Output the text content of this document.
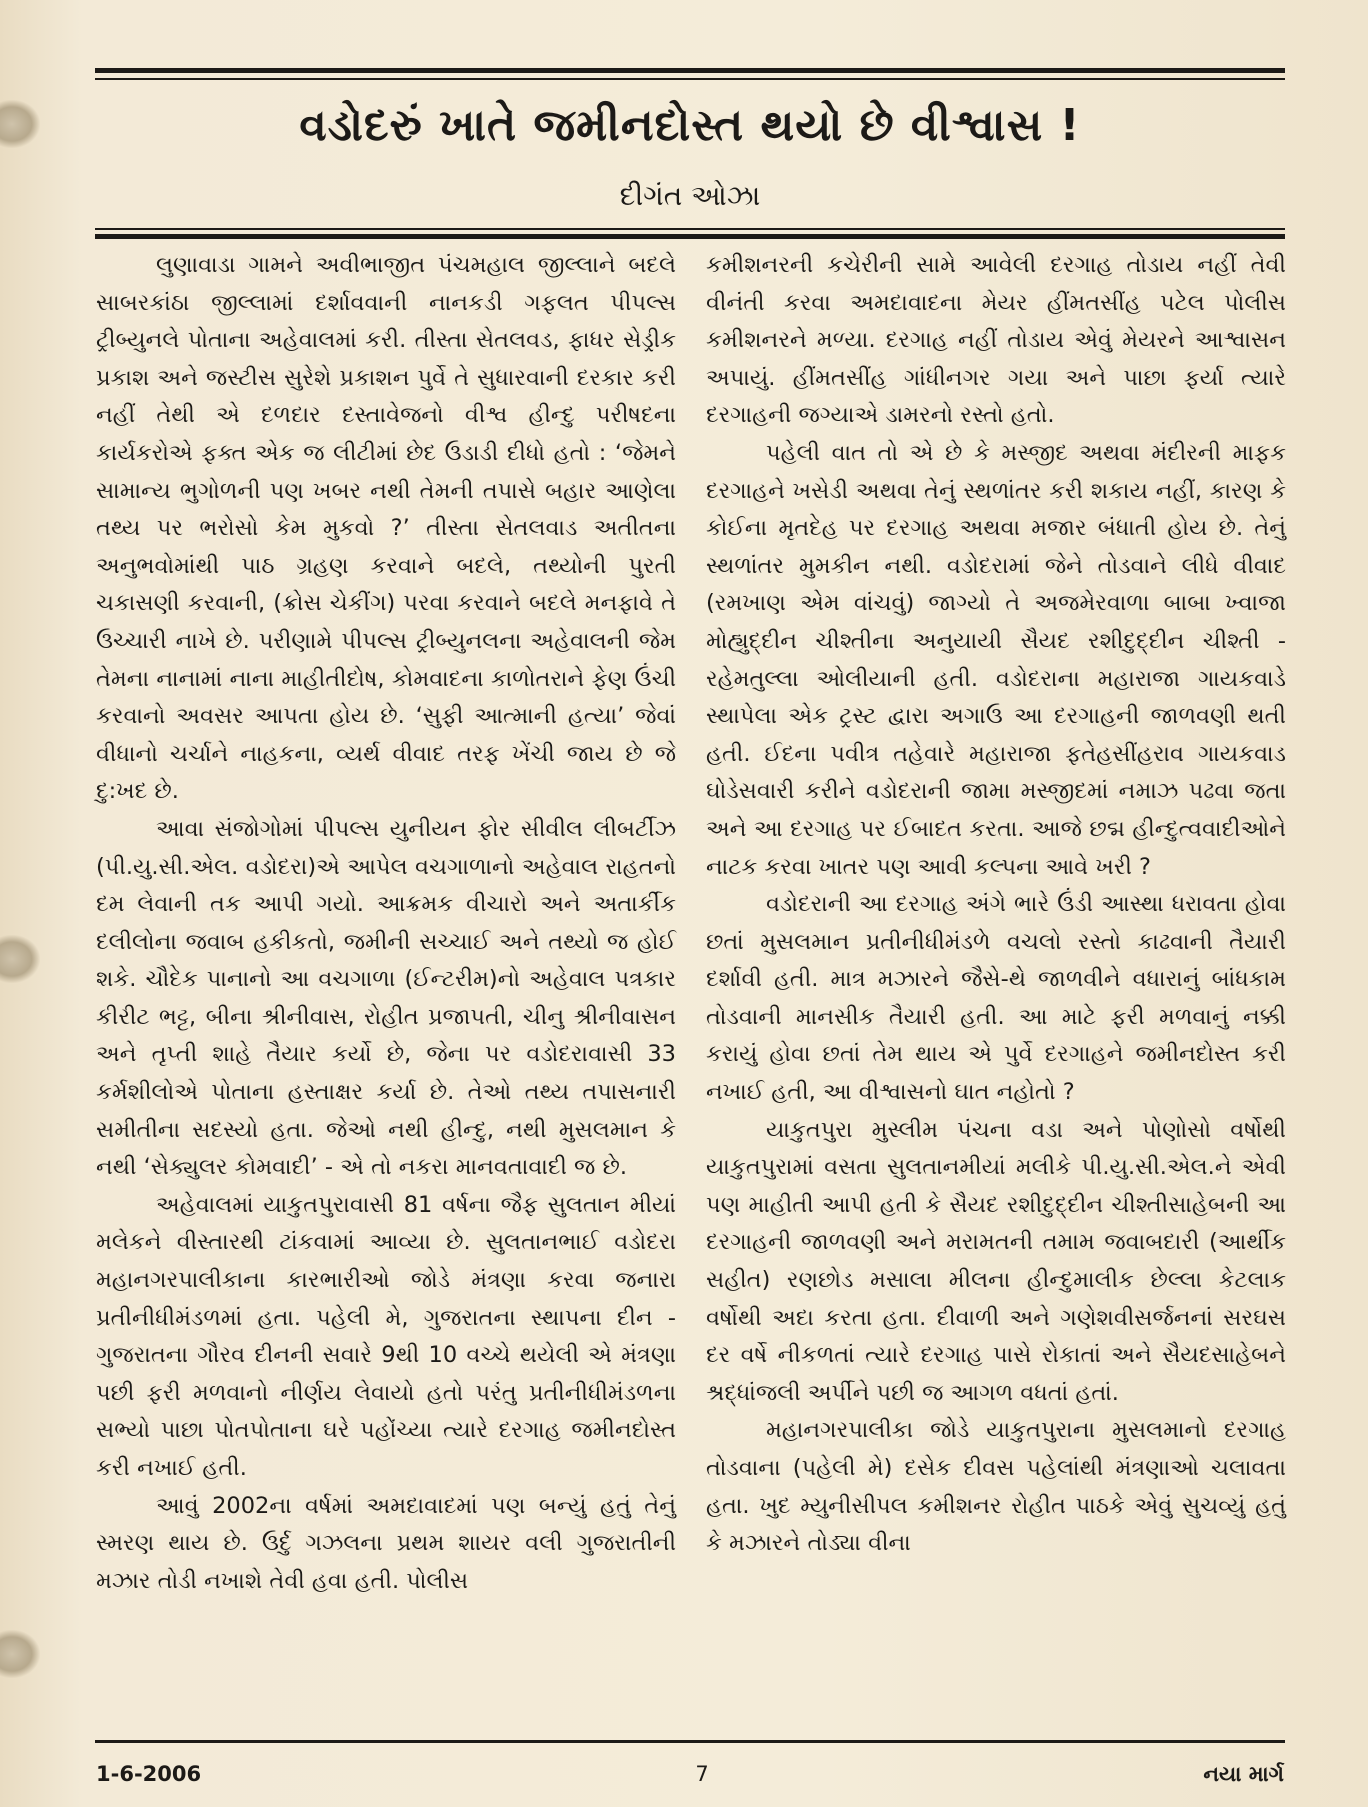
વડોદરું ખાતે જમીનદોસ્ત થયો છે વીશ્વાસ !
દીગંત ઓઝા

લુણાવાડા ગામને અવીભાજીત પંચમહાલ જીલ્લાને બદલે સાબરકાંઠા જીલ્લામાં દર્શાવવાની નાનકડી ગફલત પીપલ્સ ટ્રીબ્યુનલે પોતાના અહેવાલમાં કરી. તીસ્તા સેતલવડ, ફાધર સેડ્રીક પ્રકાશ અને જસ્ટીસ સુરેશે પ્રકાશન પુર્વે તે સુધારવાની દરકાર કરી નહીં તેથી એ દળદાર દસ્તાવેજનો વીશ્વ હીન્દુ પરીષદના કાર્યકરોએ ફક્ત એક જ લીટીમાં છેદ ઉડાડી દીધો હતો : ‘જેમને સામાન્ય ભુગોળની પણ ખબર નથી તેમની તપાસે બહાર આણેલા તથ્ય પર ભરોસો કેમ મુકવો ?’ તીસ્તા સેતલવાડ અતીતના અનુભવોમાંથી પાઠ ગ્રહણ કરવાને બદલે, તથ્યોની પુરતી ચકાસણી કરવાની, (ક્રોસ ચેકીંગ) પરવા કરવાને બદલે મનફાવે તે ઉચ્ચારી નાખે છે. પરીણામે પીપલ્સ ટ્રીબ્યુનલના અહેવાલની જેમ તેમના નાનામાં નાના માહીતીદોષ, કોમવાદના કાળોતરાને ફેણ ઉંચી કરવાનો અવસર આપતા હોય છે. ‘સુફી આત્માની હત્યા’ જેવાં વીધાનો ચર્ચાને નાહકના, વ્યર્થ વીવાદ તરફ ખેંચી જાય છે જે દુ:ખદ છે.

આવા સંજોગોમાં પીપલ્સ યુનીયન ફોર સીવીલ લીબર્ટીઝ (પી.યુ.સી.એલ. વડોદરા)એ આપેલ વચગાળાનો અહેવાલ રાહતનો દમ લેવાની તક આપી ગયો. આક્રમક વીચારો અને અતાર્કીક દલીલોના જવાબ હકીકતો, જમીની સચ્ચાઈ અને તથ્યો જ હોઈ શકે. ચૌદેક પાનાનો આ વચગાળા (ઈન્ટરીમ)નો અહેવાલ પત્રકાર કીરીટ ભટ્ટ, બીના શ્રીનીવાસ, રોહીત પ્રજાપતી, ચીનુ શ્રીનીવાસન અને તૃપ્તી શાહે તૈયાર કર્યો છે, જેના પર વડોદરાવાસી 33 કર્મશીલોએ પોતાના હસ્તાક્ષર કર્યા છે. તેઓ તથ્ય તપાસનારી સમીતીના સદસ્યો હતા. જેઓ નથી હીન્દુ, નથી મુસલમાન કે નથી ‘સેક્યુલર કોમવાદી’ - એ તો નકરા માનવતાવાદી જ છે.

અહેવાલમાં યાકુતપુરાવાસી 81 વર્ષના જૈફ સુલતાન મીયાં મલેકને વીસ્તારથી ટાંકવામાં આવ્યા છે. સુલતાનભાઈ વડોદરા મહાનગરપાલીકાના કારભારીઓ જોડે મંત્રણા કરવા જનારા પ્રતીનીધીમંડળમાં હતા. પહેલી મે, ગુજરાતના સ્થાપના દીન - ગુજરાતના ગૌરવ દીનની સવારે 9થી 10 વચ્ચે થયેલી એ મંત્રણા પછી ફરી મળવાનો નીર્ણય લેવાયો હતો પરંતુ પ્રતીનીધીમંડળના સભ્યો પાછા પોતપોતાના ઘરે પહોંચ્યા ત્યારે દરગાહ જમીનદોસ્ત કરી નખાઈ હતી.

આવું 2002ના વર્ષમાં અમદાવાદમાં પણ બન્યું હતું તેનું સ્મરણ થાય છે. ઉર્દુ ગઝલના પ્રથમ શાયર વલી ગુજરાતીની મઝાર તોડી નખાશે તેવી હવા હતી. પોલીસ

કમીશનરની કચેરીની સામે આવેલી દરગાહ તોડાય નહીં તેવી વીનંતી કરવા અમદાવાદના મેયર હીંમતસીંહ પટેલ પોલીસ કમીશનરને મળ્યા. દરગાહ નહીં તોડાય એવું મેયરને આશ્વાસન અપાયું. હીંમતસીંહ ગાંધીનગર ગયા અને પાછા ફર્યા ત્યારે દરગાહની જગ્યાએ ડામરનો રસ્તો હતો.

પહેલી વાત તો એ છે કે મસ્જીદ અથવા મંદીરની માફક દરગાહને ખસેડી અથવા તેનું સ્થળાંતર કરી શકાય નહીં, કારણ કે કોઈના મૃતદેહ પર દરગાહ અથવા મજાર બંધાતી હોય છે. તેનું સ્થળાંતર મુમકીન નથી. વડોદરામાં જેને તોડવાને લીધે વીવાદ (રમખાણ એમ વાંચવું) જાગ્યો તે અજમેરવાળા બાબા ખ્વાજા મોહ્યુદ્દીન ચીશ્તીના અનુયાયી સૈયદ રશીદુદ્દીન ચીશ્તી - રહેમતુલ્લા ઓલીયાની હતી. વડોદરાના મહારાજા ગાયકવાડે સ્થાપેલા એક ટ્રસ્ટ દ્વારા અગાઉ આ દરગાહની જાળવણી થતી હતી. ઈદના પવીત્ર તહેવારે મહારાજા ફતેહસીંહરાવ ગાયકવાડ ઘોડેસવારી કરીને વડોદરાની જામા મસ્જીદમાં નમાઝ પઢવા જતા અને આ દરગાહ પર ઈબાદત કરતા. આજે છદ્મ હીન્દુત્વવાદીઓને નાટક કરવા ખાતર પણ આવી કલ્પના આવે ખરી ?

વડોદરાની આ દરગાહ અંગે ભારે ઉંડી આસ્થા ધરાવતા હોવા છતાં મુસલમાન પ્રતીનીધીમંડળે વચલો રસ્તો કાઢવાની તૈયારી દર્શાવી હતી. માત્ર મઝારને જૈસે-થે જાળવીને વધારાનું બાંધકામ તોડવાની માનસીક તૈયારી હતી. આ માટે ફરી મળવાનું નક્કી કરાયું હોવા છતાં તેમ થાય એ પુર્વે દરગાહને જમીનદોસ્ત કરી નખાઈ હતી, આ વીશ્વાસનો ઘાત નહોતો ?

યાકુતપુરા મુસ્લીમ પંચના વડા અને પોણોસો વર્ષોથી યાકુતપુરામાં વસતા સુલતાનમીયાં મલીકે પી.યુ.સી.એલ.ને એવી પણ માહીતી આપી હતી કે સૈયદ રશીદુદ્દીન ચીશ્તીસાહેબની આ દરગાહની જાળવણી અને મરામતની તમામ જવાબદારી (આર્થીક સહીત) રણછોડ મસાલા મીલના હીન્દુમાલીક છેલ્લા કેટલાક વર્ષોથી અદા કરતા હતા. દીવાળી અને ગણેશવીસર્જનનાં સરઘસ દર વર્ષે નીકળતાં ત્યારે દરગાહ પાસે રોકાતાં અને સૈયદસાહેબને શ્રદ્ધાંજલી અર્પીને પછી જ આગળ વધતાં હતાં.

મહાનગરપાલીકા જોડે યાકુતપુરાના મુસલમાનો દરગાહ તોડવાના (પહેલી મે) દસેક દીવસ પહેલાંથી મંત્રણાઓ ચલાવતા હતા. ખુદ મ્યુનીસીપલ કમીશનર રોહીત પાઠકે એવું સુચવ્યું હતું કે મઝારને તોડ્યા વીના

1-6-2006	7	નયા માર્ગ
